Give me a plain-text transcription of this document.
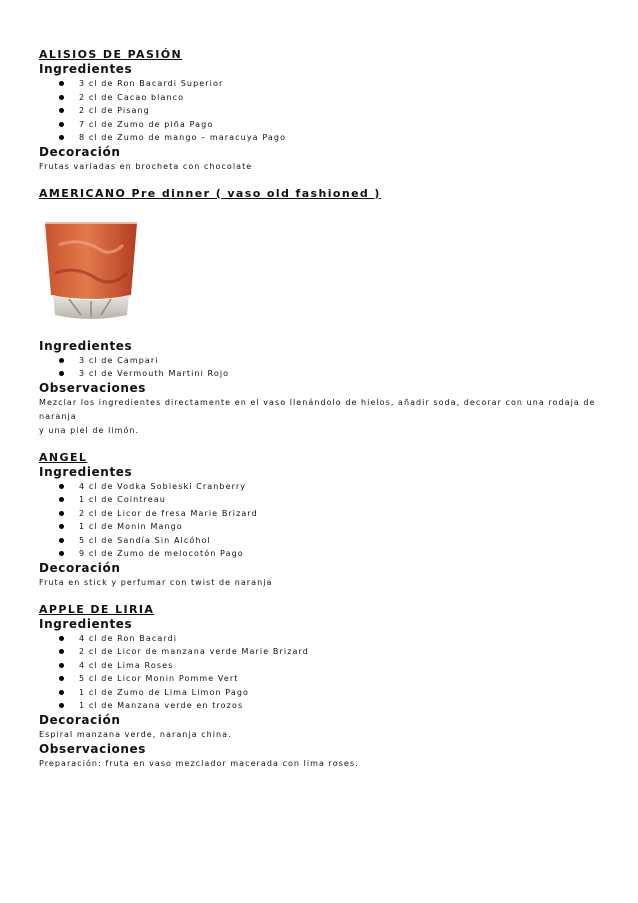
ALISIOS DE PASIÓN
Ingredientes
3 cl de Ron Bacardi Superior
2 cl de Cacao blanco
2 cl de Pisang
7 cl de Zumo de piña Pago
8 cl de Zumo de mango – maracuya Pago
Decoración

Frutas variadas en brocheta con chocolate

AMERICANO Pre dinner ( vaso old fashioned )
Ingredientes
3 cl de Campari
3 cl de Vermouth Martini Rojo
Observaciones

Mezclar los ingredientes directamente en el vaso llenándolo de hielos, añadir soda, decorar con una rodaja de naranja

y una piel de limón.

ANGEL
Ingredientes
4 cl de Vodka Sobieski Cranberry
1 cl de Cointreau
2 cl de Licor de fresa Marie Brizard
1 cl de Monin Mango
5 cl de Sandía Sin Alcóhol
9 cl de Zumo de melocotón Pago
Decoración

Fruta en stick y perfumar con twist de naranja

APPLE DE LIRIA
Ingredientes
4 cl de Ron Bacardi
2 cl de Licor de manzana verde Marie Brizard
4 cl de Lima Roses
5 cl de Licor Monin Pomme Vert
1 cl de Zumo de Lima Limon Pago
1 cl de Manzana verde en trozos
Decoración

Espiral manzana verde, naranja china.

Observaciones

Preparación: fruta en vaso mezclador macerada con lima roses.
